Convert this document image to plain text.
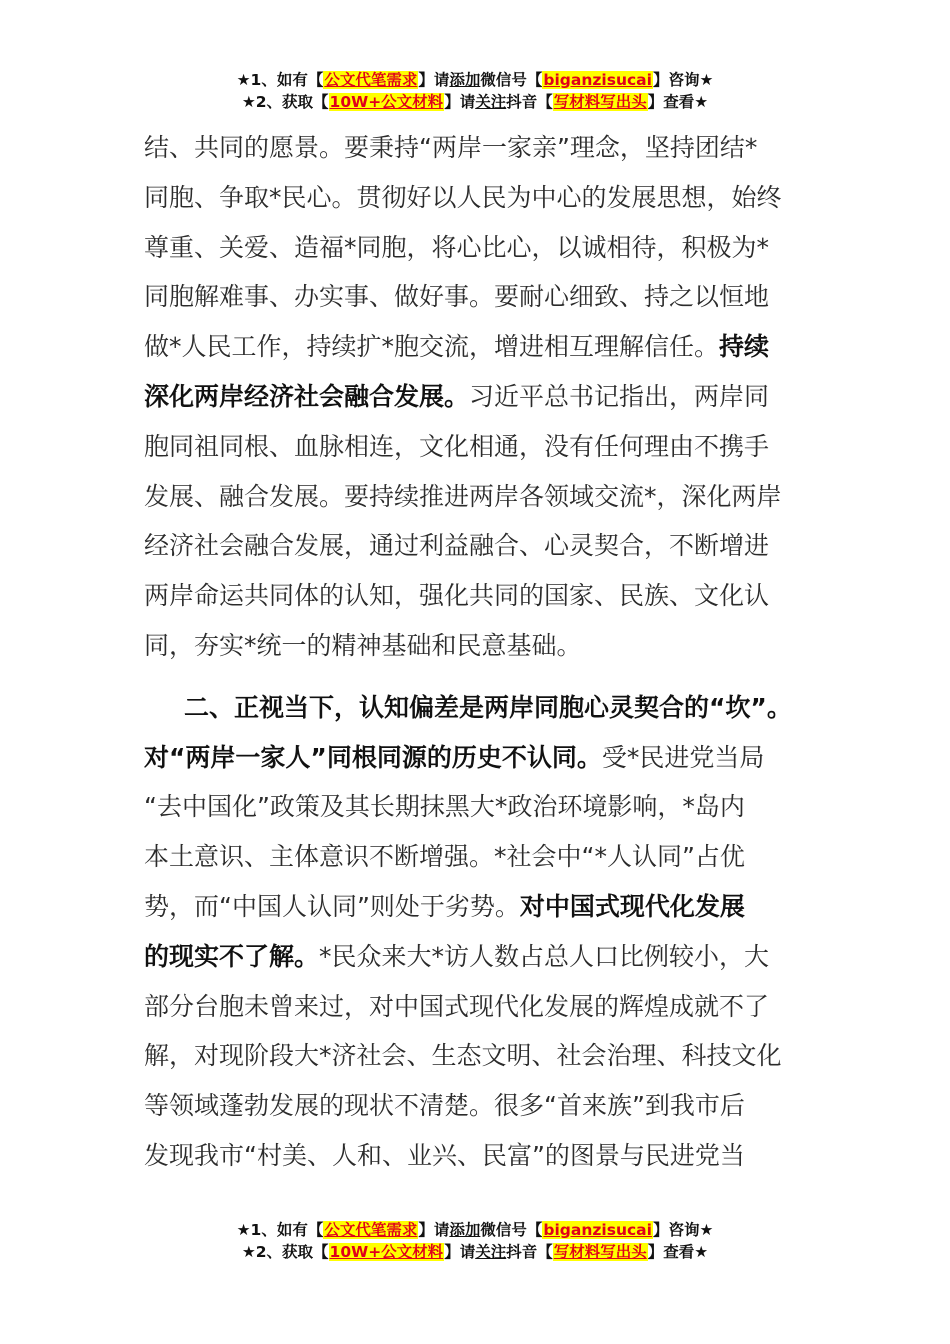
★1、如有【公文代笔需求】请添加微信号【biganzisucai】咨询★
★2、获取【10W+公文材料】请关注抖音【写材料写出头】查看★

结、共同的愿景。要秉持“两岸一家亲”理念，坚持团结*
同胞、争取*民心。贯彻好以人民为中心的发展思想，始终
尊重、关爱、造福*同胞，将心比心，以诚相待，积极为*
同胞解难事、办实事、做好事。要耐心细致、持之以恒地
做*人民工作，持续扩*胞交流，增进相互理解信任。持续
深化两岸经济社会融合发展。习近平总书记指出，两岸同
胞同祖同根、血脉相连，文化相通，没有任何理由不携手
发展、融合发展。要持续推进两岸各领域交流*，深化两岸
经济社会融合发展，通过利益融合、心灵契合，不断增进
两岸命运共同体的认知，强化共同的国家、民族、文化认
同，夯实*统一的精神基础和民意基础。

二、正视当下，认知偏差是两岸同胞心灵契合的“坎”。
对“两岸一家人”同根同源的历史不认同。受*民进党当局
“去中国化”政策及其长期抹黑大*政治环境影响，*岛内
本土意识、主体意识不断增强。*社会中“*人认同”占优
势，而“中国人认同”则处于劣势。对中国式现代化发展
的现实不了解。*民众来大*访人数占总人口比例较小，大
部分台胞未曾来过，对中国式现代化发展的辉煌成就不了
解，对现阶段大*济社会、生态文明、社会治理、科技文化
等领域蓬勃发展的现状不清楚。很多“首来族”到我市后
发现我市“村美、人和、业兴、民富”的图景与民进党当

★1、如有【公文代笔需求】请添加微信号【biganzisucai】咨询★
★2、获取【10W+公文材料】请关注抖音【写材料写出头】查看★
